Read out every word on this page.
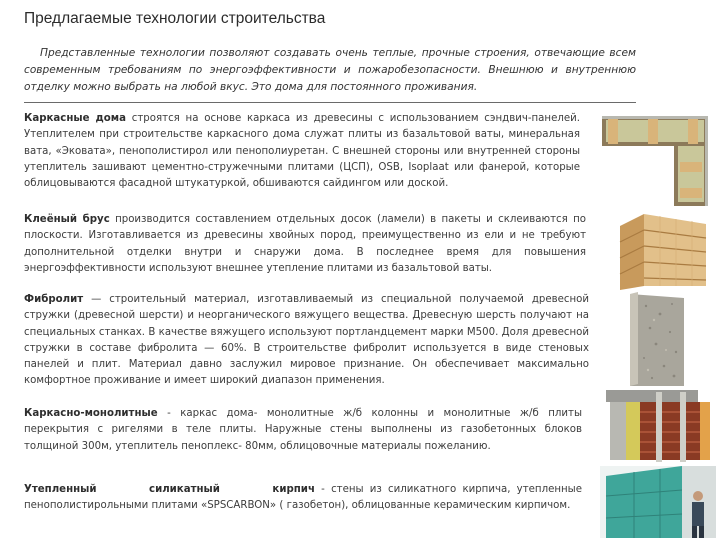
Предлагаемые технологии строительства
Представленные технологии позволяют создавать очень теплые, прочные строения, отвечающие всем современным требованиям по энергоэффективности и пожаробезопасности. Внешнюю и внутреннюю отделку можно выбрать на любой вкус. Это дома для постоянного проживания.
Каркасные дома строятся на основе каркаса из древесины с использованием сэндвич-панелей. Утеплителем при строительстве каркасного дома служат плиты из базальтовой ваты, минеральная вата, «Эковата», пенополистирол или пенополиуретан. С внешней стороны или внутренней стороны утеплитель зашивают цементно-стружечными плитами (ЦСП), OSB, Isoplaat или фанерой, которые облицовываются фасадной штукатуркой, обшиваются сайдингом или доской.
Клеёный брус производится составлением отдельных досок (ламели) в пакеты и склеиваются по плоскости. Изготавливается из древесины хвойных пород, преимущественно из ели и не требуют дополнительной отделки внутри и снаружи дома. В последнее время для повышения энергоэффективности используют внешнее утепление плитами из базальтовой ваты.
Фибролит — строительный материал, изготавливаемый из специальной получаемой древесной стружки (древесной шерсти) и неорганического вяжущего вещества. Древесную шерсть получают на специальных станках. В качестве вяжущего используют портландцемент марки М500. Доля древесной стружки в составе фибролита — 60%. В строительстве фибролит используется в виде стеновых панелей и плит. Материал давно заслужил мировое признание. Он обеспечивает максимально комфортное проживание и имеет широкий диапазон применения.
Каркасно-монолитные - каркас дома- монолитные ж/б колонны и монолитные ж/б плиты перекрытия с ригелями в теле плиты. Наружные стены выполнены из газобетонных блоков толщиной 300м, утеплитель пеноплекс- 80мм, облицовочные материалы пожеланию.
Утепленный силикатный кирпич - стены из силикатного кирпича, утепленные пенополистирольными плитами «SPSCARBON» ( газобетон), облицованные керамическим кирпичом.
